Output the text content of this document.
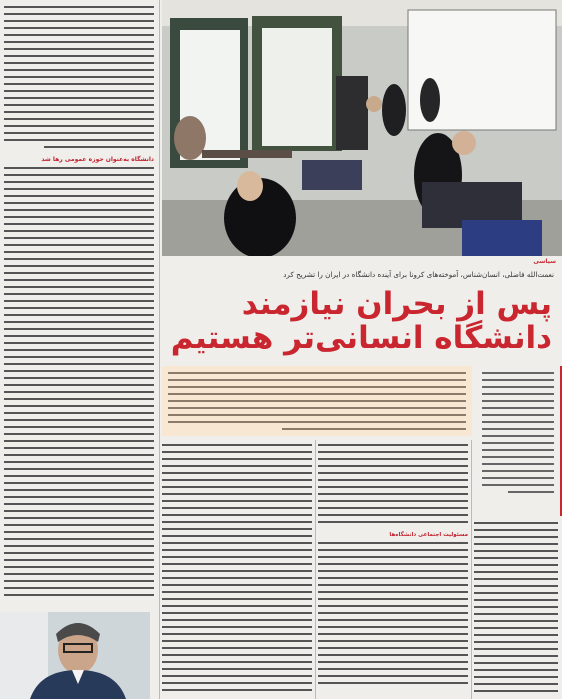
سیاسی
نعمت‌الله فاضلی، انسان‌شناس، آموخته‌های کرونا برای آینده دانشگاه در ایران را تشریح کرد
پس از بحران نیازمند
دانشگاه انسانی‌تر هستیم
دانشگاه به‌عنوان حوزه عمومی رها شد
مسئولیت اجتماعی دانشگاه‌ها
